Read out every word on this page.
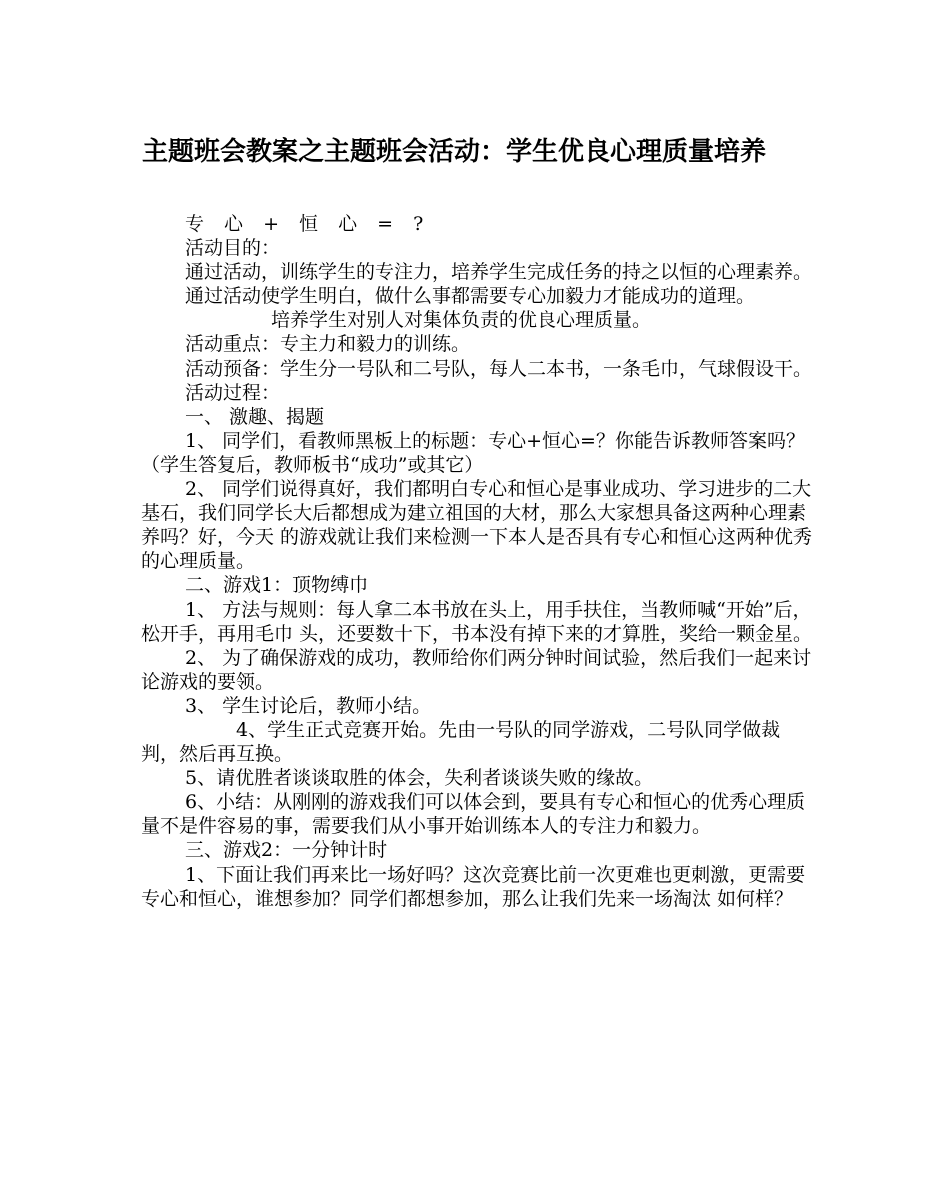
主题班会教案之主题班会活动：学生优良心理质量培养

专 心 + 恒 心 = ?

活动目的：

通过活动，训练学生的专注力，培养学生完成任务的持之以恒的心理素养。

通过活动使学生明白，做什么事都需要专心加毅力才能成功的道理。

培养学生对别人对集体负责的优良心理质量。

活动重点：专主力和毅力的训练。

活动预备：学生分一号队和二号队，每人二本书，一条毛巾，气球假设干。

活动过程：

一、 激趣、揭题

1、 同学们，看教师黑板上的标题：专心+恒心=？你能告诉教师答案吗？（学生答复后，教师板书“成功”或其它）

2、 同学们说得真好，我们都明白专心和恒心是事业成功、学习进步的二大基石，我们同学长大后都想成为建立祖国的大材，那么大家想具备这两种心理素养吗？好，今天 的游戏就让我们来检测一下本人是否具有专心和恒心这两种优秀的心理质量。

二、游戏1：顶物缚巾

1、 方法与规则：每人拿二本书放在头上，用手扶住，当教师喊“开始”后，松开手，再用毛巾 头，还要数十下，书本没有掉下来的才算胜，奖给一颗金星。

2、 为了确保游戏的成功，教师给你们两分钟时间试验，然后我们一起来讨论游戏的要领。

3、 学生讨论后，教师小结。

4、学生正式竞赛开始。先由一号队的同学游戏，二号队同学做裁判，然后再互换。

5、请优胜者谈谈取胜的体会，失利者谈谈失败的缘故。

6、小结：从刚刚的游戏我们可以体会到，要具有专心和恒心的优秀心理质量不是件容易的事，需要我们从小事开始训练本人的专注力和毅力。

三、游戏2：一分钟计时

1、下面让我们再来比一场好吗？这次竞赛比前一次更难也更刺激，更需要专心和恒心，谁想参加？同学们都想参加，那么让我们先来一场淘汰 如何样？
